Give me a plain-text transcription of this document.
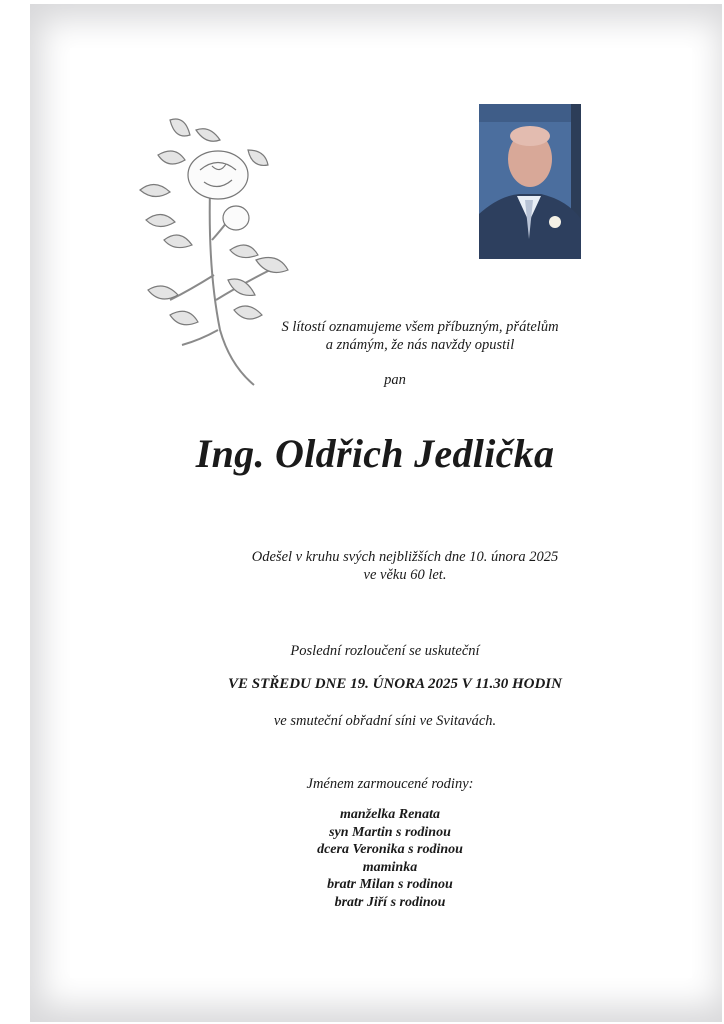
S lítostí oznamujeme všem příbuzným, přátelům
a známým, že nás navždy opustil
pan
Ing. Oldřich Jedlička
Odešel v kruhu svých nejbližších dne 10. února 2025
ve věku 60 let.
Poslední rozloučení se uskuteční
VE STŘEDU DNE 19. ÚNORA 2025 V 11.30 HODIN
ve smuteční obřadní síni ve Svitavách.
Jménem zarmoucené rodiny:
manželka Renata
syn Martin s rodinou
dcera Veronika s rodinou
maminka
bratr Milan s rodinou
bratr Jiří s rodinou
